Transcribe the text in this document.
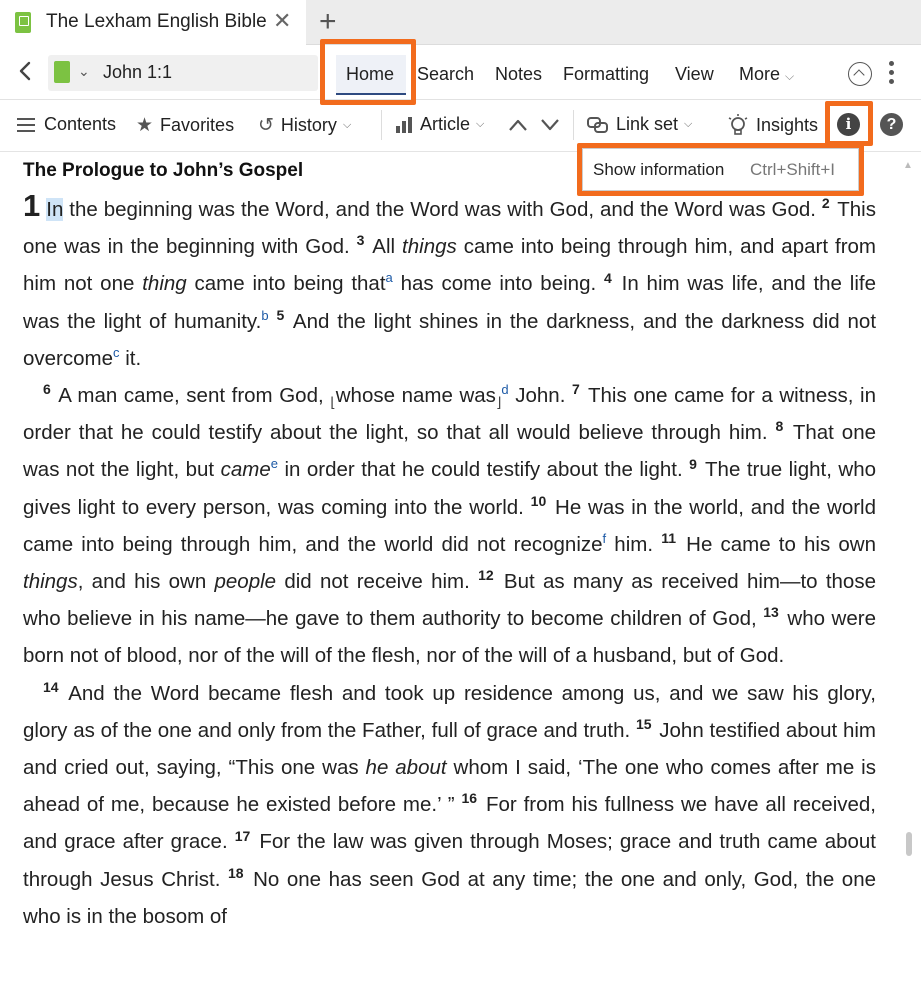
The Lexham English Bible ✕ +
⌄ John 1:1	Home Search Notes Formatting View More ⌵
Contents ★ Favorites ↺ History ⌵	Article ⌵	Link set ⌵	Insights	i	?
Show information Ctrl+Shift+I	▲
The Prologue to John’s Gospel

1 In the beginning was the Word, and the Word was with God, and the Word was God. $^2$ This one was in the beginning with God. $^3$ All things came into being through him, and apart from him not one thing came into being that$^a$ has come into being. $^4$ In him was life, and the life was the light of humanity.$^b$ $^5$ And the light shines in the darkness, and the darkness did not overcome$^c$ it.

$^6$ A man came, sent from God, $_⌊$whose name was$_⌋^d$ John. $^7$ This one came for a witness, in order that he could testify about the light, so that all would believe through him. $^8$ That one was not the light, but came$^e$ in order that he could testify about the light. $^9$ The true light, who gives light to every person, was coming into the world. $^{10}$ He was in the world, and the world came into being through him, and the world did not recognize$^f$ him. $^{11}$ He came to his own things, and his own people did not receive him. $^{12}$ But as many as received him—to those who believe in his name—he gave to them authority to become children of God, $^{13}$ who were born not of blood, nor of the will of the flesh, nor of the will of a husband, but of God.

$^{14}$ And the Word became flesh and took up residence among us, and we saw his glory, glory as of the one and only from the Father, full of grace and truth. $^{15}$ John testified about him and cried out, saying, “This one was he about whom I said, ‘The one who comes after me is ahead of me, because he existed before me.’ ” $^{16}$ For from his fullness we have all received, and grace after grace. $^{17}$ For the law was given through Moses; grace and truth came about through Jesus Christ. $^{18}$ No one has seen God at any time; the one and only, God, the one who is in the bosom of
